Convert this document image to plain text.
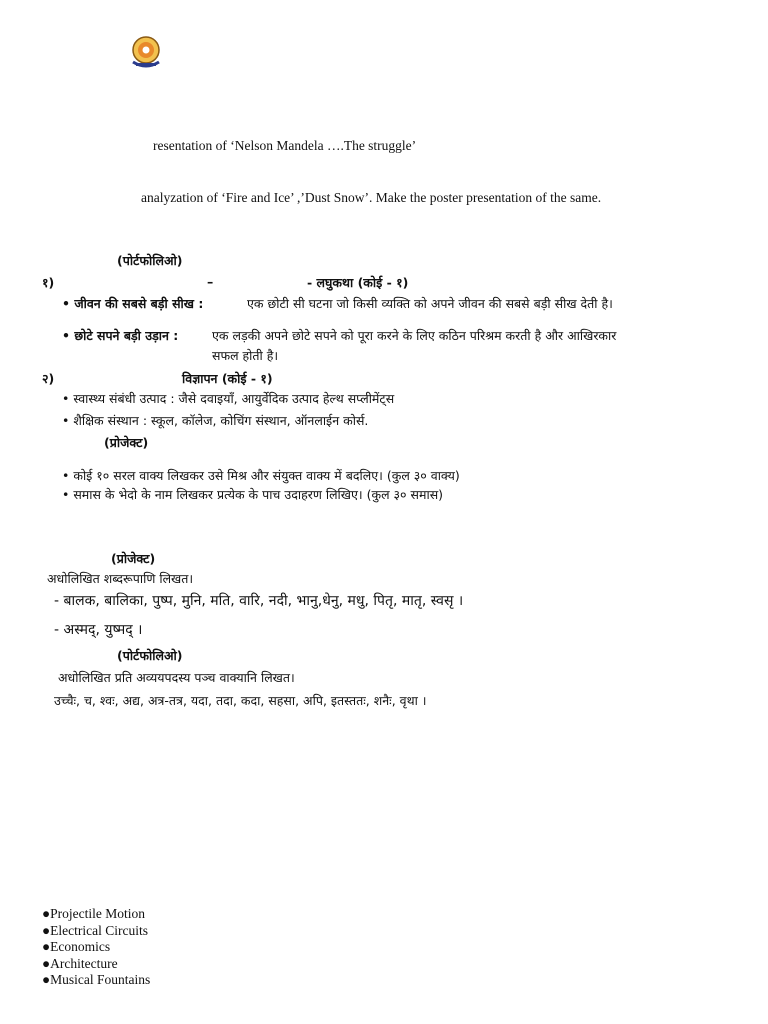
resentation of ‘Nelson Mandela ….The struggle’
analyzation of ‘Fire and Ice’ ,’Dust Snow’. Make the poster presentation of the same.
(पोर्टफोलिओ)
१)	–	- लघुकथा (कोई - १)
• जीवन की सबसे बड़ी सीख :	एक छोटी सी घटना जो किसी व्यक्ति को अपने जीवन की सबसे बड़ी सीख देती है।
• छोटे सपने बड़ी उड़ान :	एक लड़की अपने छोटे सपने को पूरा करने के लिए कठिन परिश्रम करती है और आखिरकार
सफल होती है।
२)	विज्ञापन (कोई - १)
• स्वास्थ्य संबंधी उत्पाद : जैसे दवाइयाँ, आयुर्वेदिक उत्पाद हेल्थ सप्लीमेंट्स
• शैक्षिक संस्थान : स्कूल, कॉलेज, कोचिंग संस्थान, ऑनलाईन कोर्स.
(प्रोजेक्ट)
• कोई १० सरल वाक्य लिखकर उसे मिश्र और संयुक्त वाक्य में बदलिए। (कुल ३० वाक्य)
• समास के भेदो के नाम लिखकर प्रत्येक के पाच उदाहरण लिखिए। (कुल ३० समास)
(प्रोजेक्ट)
अधोलिखित शब्दरूपाणि लिखत।
- बालक, बालिका, पुष्प, मुनि, मति, वारि, नदी, भानु,धेनु, मधु, पितृ, मातृ, स्वसृ ।
- अस्मद्, युष्मद् ।
(पोर्टफोलिओ)
अधोलिखित प्रति अव्ययपदस्य पञ्च वाक्यानि लिखत।
उच्चैः, च, श्वः, अद्य, अत्र-तत्र, यदा, तदा, कदा, सहसा, अपि, इतस्ततः, शनैः, वृथा ।
●Projectile Motion
●Electrical Circuits
●Economics
●Architecture
●Musical Fountains
